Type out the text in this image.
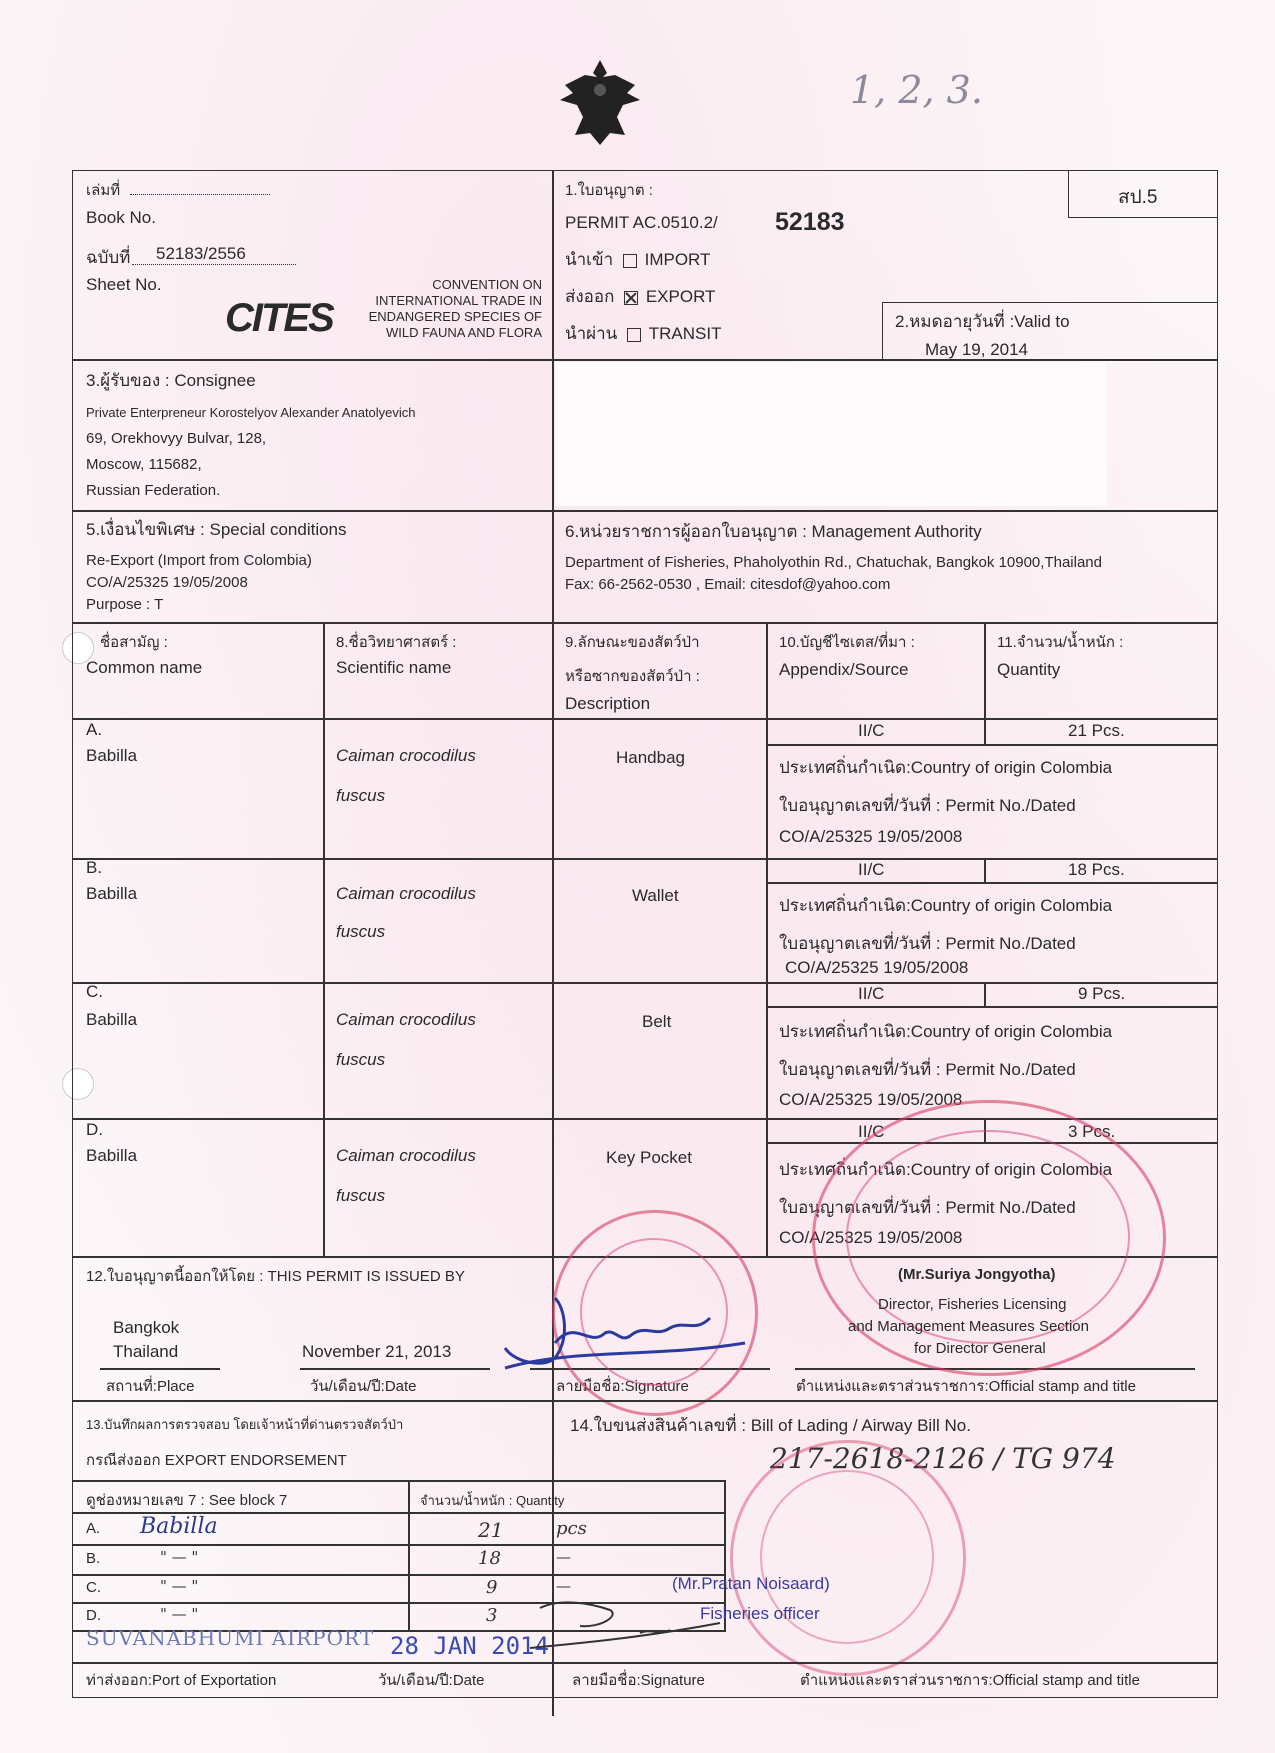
1, 2, 3.
เล่มที่
Book No.
ฉบับที่	52183/2556
Sheet No.
CITES
CONVENTION ON
INTERNATIONAL TRADE IN
ENDANGERED SPECIES OF
WILD FAUNA AND FLORA
1.ใบอนุญาต :
PERMIT AC.0510.2/ 52183
สป.5
นำเข้า IMPORT
ส่งออก EXPORT
นำผ่าน TRANSIT
2.หมดอายุวันที่ :Valid to
May 19, 2014
3.ผู้รับของ : Consignee
Private Enterpreneur Korostelyov Alexander Anatolyevich
69, Orekhovyy Bulvar, 128,
Moscow, 115682,
Russian Federation.
5.เงื่อนไขพิเศษ : Special conditions
Re-Export (Import from Colombia)
CO/A/25325 19/05/2008
Purpose : T
6.หน่วยราชการผู้ออกใบอนุญาต : Management Authority
Department of Fisheries, Phaholyothin Rd., Chatuchak, Bangkok 10900,Thailand
Fax: 66-2562-0530 , Email: citesdof@yahoo.com
ชื่อสามัญ :
Common name
8.ชื่อวิทยาศาสตร์ :
Scientific name
9.ลักษณะของสัตว์ป่า
หรือซากของสัตว์ป่า :
Description
10.บัญชีไซเตส/ที่มา :
Appendix/Source
11.จำนวน/น้ำหนัก :
Quantity
A.
Babilla	Caiman crocodilus
fuscus
Handbag
II/C	21 Pcs.
ประเทศถิ่นกำเนิด:Country of origin Colombia
ใบอนุญาตเลขที่/วันที่ : Permit No./Dated
CO/A/25325 19/05/2008
B.
Babilla	Caiman crocodilus
fuscus
Wallet
II/C	18 Pcs.
ประเทศถิ่นกำเนิด:Country of origin Colombia
ใบอนุญาตเลขที่/วันที่ : Permit No./Dated
CO/A/25325 19/05/2008
C.
Babilla	Caiman crocodilus
fuscus
Belt
II/C	9 Pcs.
ประเทศถิ่นกำเนิด:Country of origin Colombia
ใบอนุญาตเลขที่/วันที่ : Permit No./Dated
CO/A/25325 19/05/2008
D.
Babilla	Caiman crocodilus
fuscus
Key Pocket
II/C	3 Pcs.
ประเทศถิ่นกำเนิด:Country of origin Colombia
ใบอนุญาตเลขที่/วันที่ : Permit No./Dated
CO/A/25325 19/05/2008
12.ใบอนุญาตนี้ออกให้โดย : THIS PERMIT IS ISSUED BY
Bangkok
Thailand	November 21, 2013
สถานที่:Place	วัน/เดือน/ปี:Date	ลายมือชื่อ:Signature	ตำแหน่งและตราส่วนราชการ:Official stamp and title
(Mr.Suriya Jongyotha)
Director, Fisheries Licensing
and Management Measures Section
for Director General
13.บันทึกผลการตรวจสอบ โดยเจ้าหน้าที่ด่านตรวจสัตว์ป่า
กรณีส่งออก EXPORT ENDORSEMENT
14.ใบขนส่งสินค้าเลขที่ : Bill of Lading / Airway Bill No.
217-2618-2126 / TG 974
ดูช่องหมายเลข 7 : See block 7	จำนวน/น้ำหนัก : Quantity
A. Babilla	21	pcs
B.	" — "	18	—
C.	" — "	9	—
D.	" — "	3
SUVANABHUMI AIRPORT 28 JAN 2014
(Mr.Pratan Noisaard)
Fisheries officer
ท่าส่งออก:Port of Exportation	วัน/เดือน/ปี:Date	ลายมือชื่อ:Signature	ตำแหน่งและตราส่วนราชการ:Official stamp and title
